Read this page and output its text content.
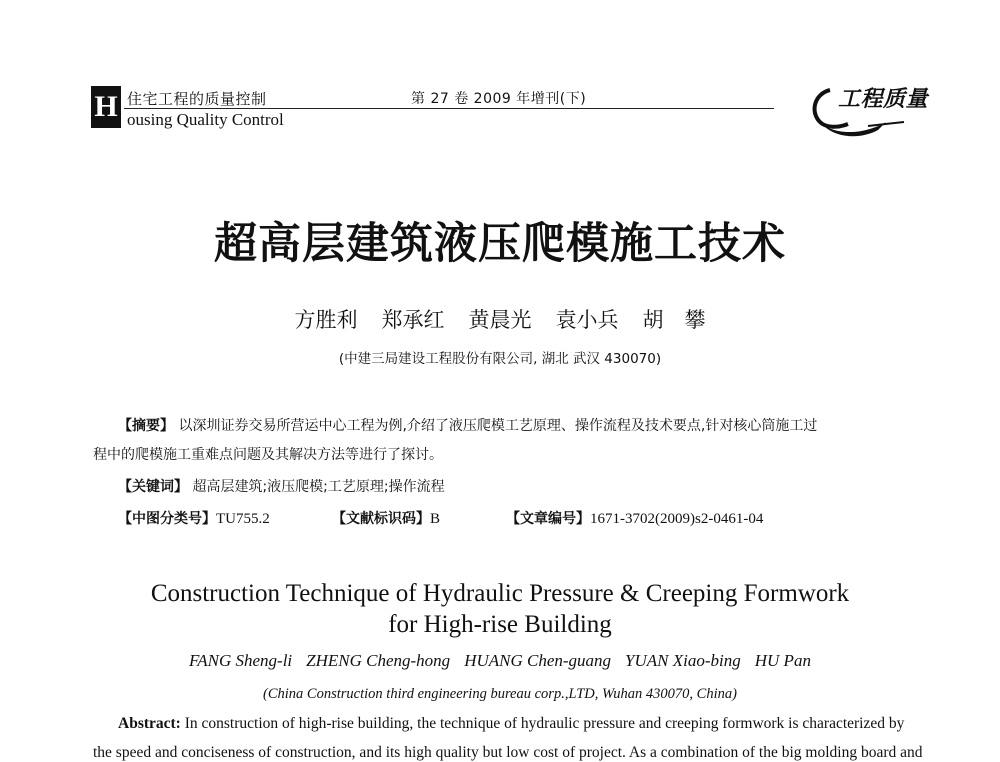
H 住宅工程的质量控制
ousing Quality Control
第 27 卷 2009 年增刊(下)	工程质量
超高层建筑液压爬模施工技术
方胜利 郑承红 黄晨光 袁小兵 胡　攀
(中建三局建设工程股份有限公司, 湖北 武汉 430070)
【摘要】 以深圳证券交易所营运中心工程为例,介绍了液压爬模工艺原理、操作流程及技术要点,针对核心筒施工过
程中的爬模施工重难点问题及其解决方法等进行了探讨。
【关键词】 超高层建筑;液压爬模;工艺原理;操作流程
【中图分类号】TU755.2	【文献标识码】B	【文章编号】1671-3702(2009)s2-0461-04
Construction Technique of Hydraulic Pressure & Creeping Formwork
for High-rise Building
FANG Sheng-li ZHENG Cheng-hong HUANG Chen-guang YUAN Xiao-bing HU Pan
(China Construction third engineering bureau corp.,LTD, Wuhan 430070, China)
Abstract: In construction of high-rise building, the technique of hydraulic pressure and creeping formwork is characterized by
the speed and conciseness of construction, and its high quality but low cost of project. As a combination of the big molding board and
